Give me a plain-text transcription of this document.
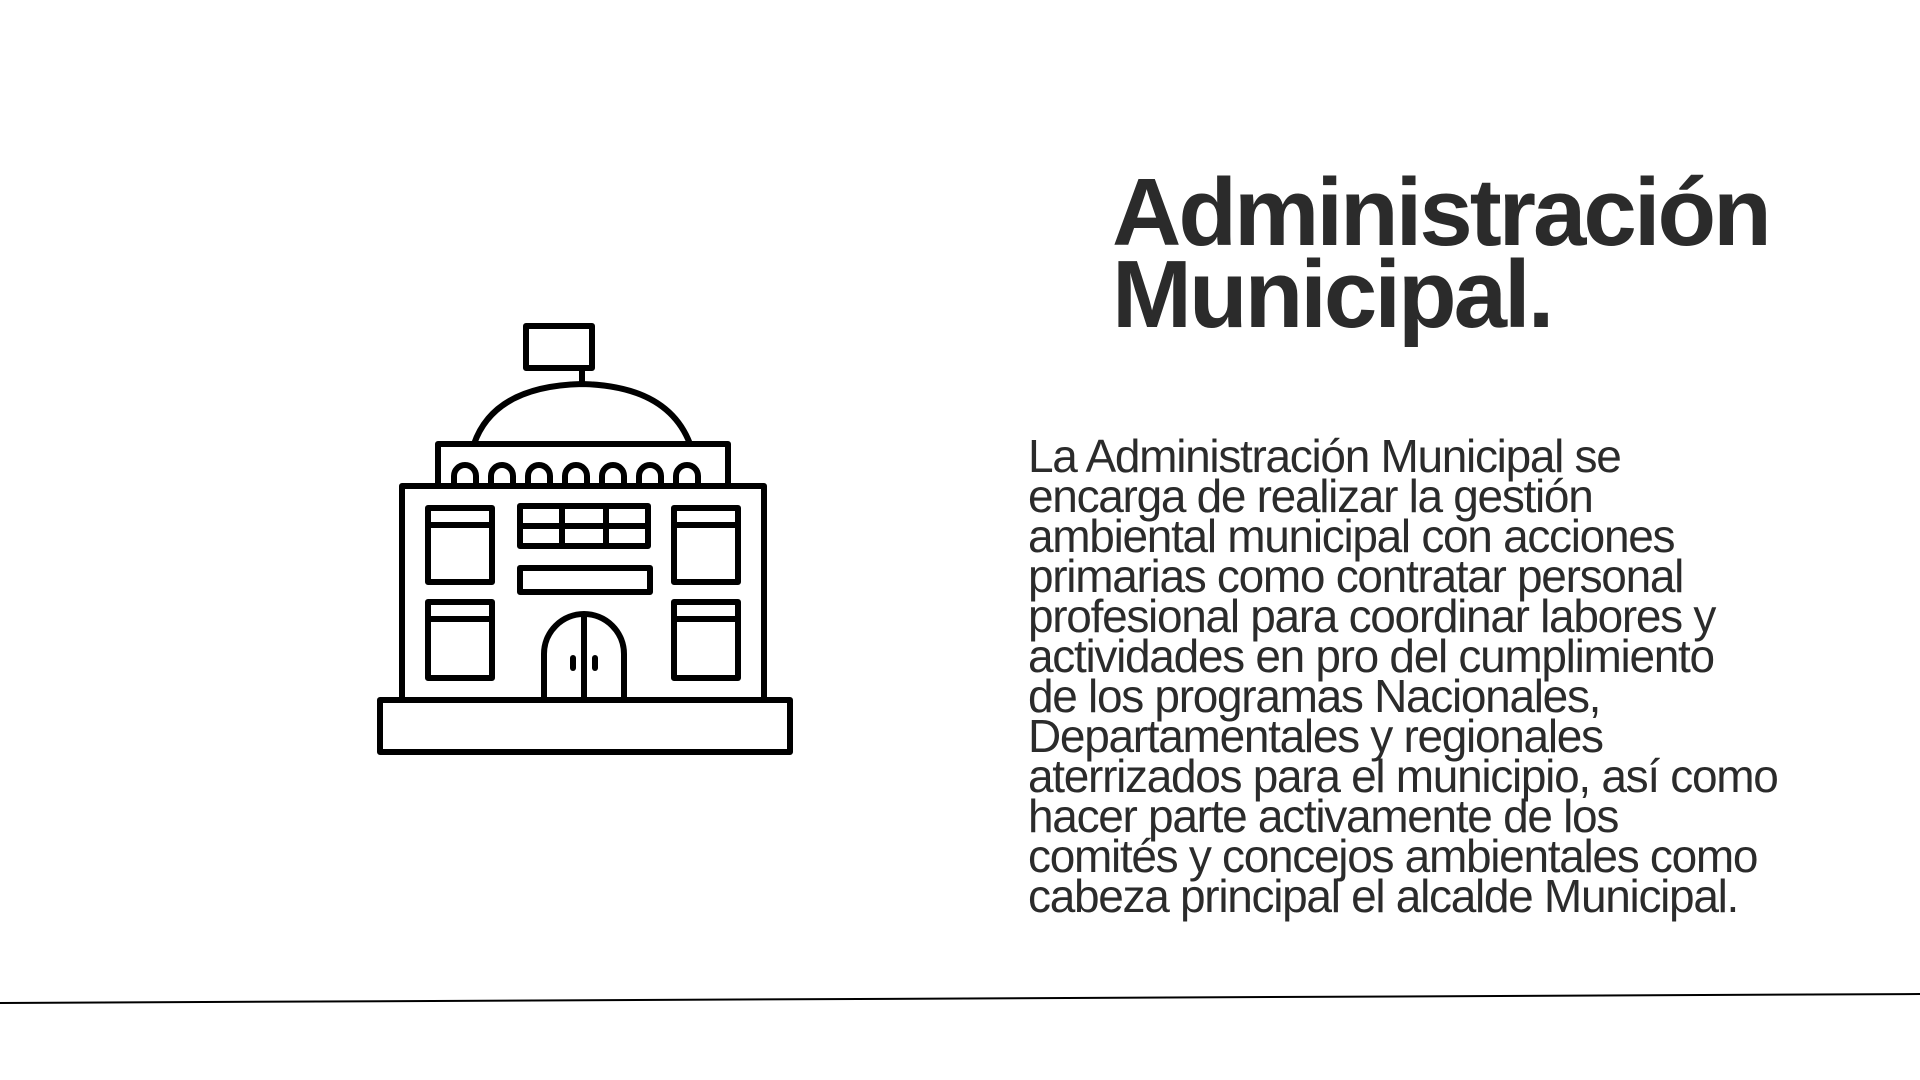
Administración
Municipal.

La Administración Municipal se
encarga de realizar la gestión
ambiental municipal con acciones
primarias como contratar personal
profesional para coordinar labores y
actividades en pro del cumplimiento
de los programas Nacionales,
Departamentales y regionales
aterrizados para el municipio, así como
hacer parte activamente de los
comités y concejos ambientales como
cabeza principal el alcalde Municipal.
